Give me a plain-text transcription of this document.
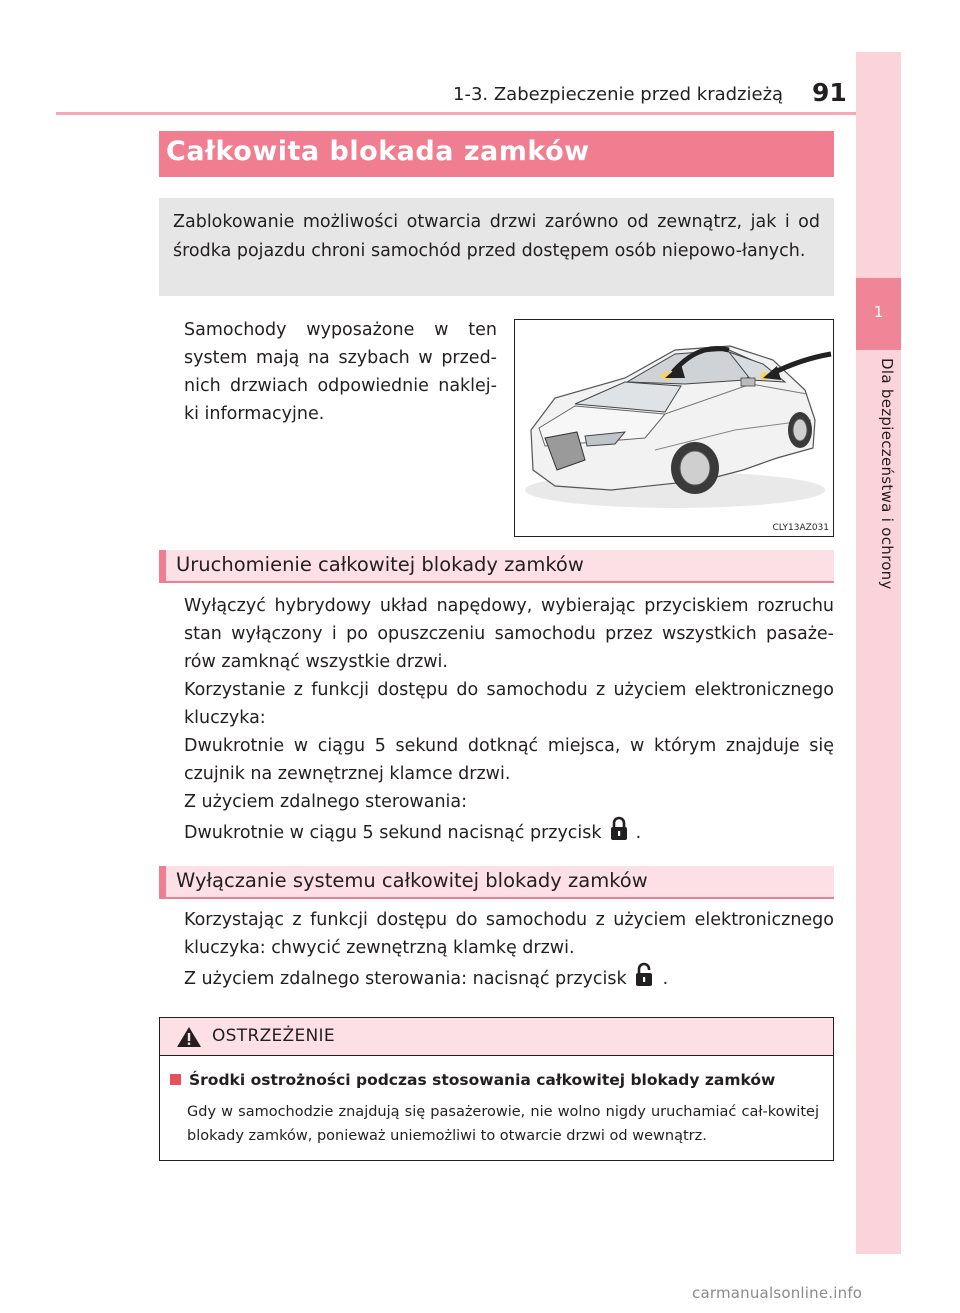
1-3. Zabezpieczenie przed kradzieżą 91
1
Dla bezpieczeństwa i ochrony
Całkowita blokada zamków
Zablokowanie możliwości otwarcia drzwi zarówno od zewnątrz, jak i od środka pojazdu chroni samochód przed dostępem osób niepowo-łanych.
Samochody wyposażone w ten system mają na szybach w przed-nich drzwiach odpowiednie naklej-ki informacyjne.
CLY13AZ031
Uruchomienie całkowitej blokady zamków
Wyłączyć hybrydowy układ napędowy, wybierając przyciskiem rozruchu stan wyłączony i po opuszczeniu samochodu przez wszystkich pasaże-rów zamknąć wszystkie drzwi.
Korzystanie z funkcji dostępu do samochodu z użyciem elektronicznego kluczyka:
Dwukrotnie w ciągu 5 sekund dotknąć miejsca, w którym znajduje się czujnik na zewnętrznej klamce drzwi.
Z użyciem zdalnego sterowania:
Dwukrotnie w ciągu 5 sekund nacisnąć przycisk .
Wyłączanie systemu całkowitej blokady zamków
Korzystając z funkcji dostępu do samochodu z użyciem elektronicznego kluczyka: chwycić zewnętrzną klamkę drzwi.
Z użyciem zdalnego sterowania: nacisnąć przycisk .
OSTRZEŻENIE
Środki ostrożności podczas stosowania całkowitej blokady zamków
Gdy w samochodzie znajdują się pasażerowie, nie wolno nigdy uruchamiać cał-kowitej blokady zamków, ponieważ uniemożliwi to otwarcie drzwi od wewnątrz.
carmanualsonline.info
